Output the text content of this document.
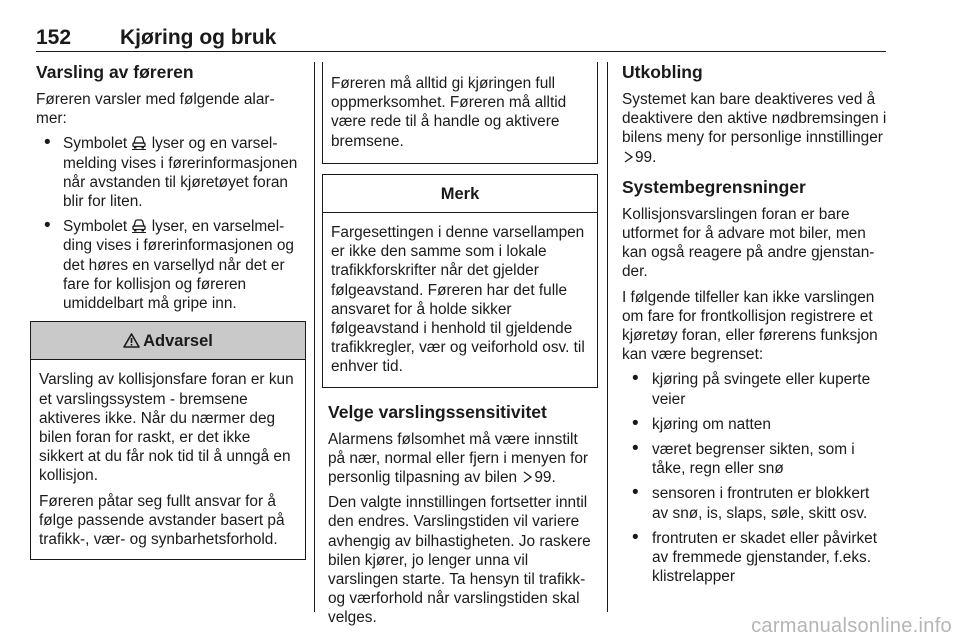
152 Kjøring og bruk
Varsling av føreren

Føreren varsler med følgende alarmer:

• Symbolet  lyser og en varselmelding vises i førerinformasjonen når avstanden til kjøretøyet foran blir for liten.
• Symbolet  lyser, en varselmelding vises i førerinformasjonen og det høres en varsellyd når det er fare for kollisjon og føreren umiddelbart må gripe inn.
Advarsel

Varsling av kollisjonsfare foran er kun et varslingssystem - bremsene aktiveres ikke. Når du nærmer deg bilen foran for raskt, er det ikke sikkert at du får nok tid til å unngå en kollisjon.

Føreren påtar seg fullt ansvar for å følge passende avstander basert på trafikk-, vær- og synbarhetsforhold.

Føreren må alltid gi kjøringen full oppmerksomhet. Føreren må alltid være rede til å handle og aktivere bremsene.

Merk

Fargesettingen i denne varsellampen er ikke den samme som i lokale trafikkforskrifter når det gjelder følgeavstand. Føreren har det fulle ansvaret for å holde sikker følgeavstand i henhold til gjeldende trafikkregler, vær og veiforhold osv. til enhver tid.

Velge varslingssensitivitet

Alarmens følsomhet må være innstilt på nær, normal eller fjern i menyen for personlig tilpasning av bilen 99.

Den valgte innstillingen fortsetter inntil den endres. Varslingstiden vil variere avhengig av bilhastigheten. Jo raskere bilen kjører, jo lenger unna vil varslingen starte. Ta hensyn til trafikk- og værforhold når varslingstiden skal velges.

Utkobling

Systemet kan bare deaktiveres ved å deaktivere den aktive nødbremsingen i bilens meny for personlige innstillinger 99.

Systembegrensninger

Kollisjonsvarslingen foran er bare utformet for å advare mot biler, men kan også reagere på andre gjenstander.

I følgende tilfeller kan ikke varslingen om fare for frontkollisjon registrere et kjøretøy foran, eller førerens funksjon kan være begrenset:

• kjøring på svingete eller kuperte veier
• kjøring om natten
• været begrenser sikten, som i tåke, regn eller snø
• sensoren i frontruten er blokkert av snø, is, slaps, søle, skitt osv.
• frontruten er skadet eller påvirket av fremmede gjenstander, f.eks. klistrelapper
carmanualsonline.info
